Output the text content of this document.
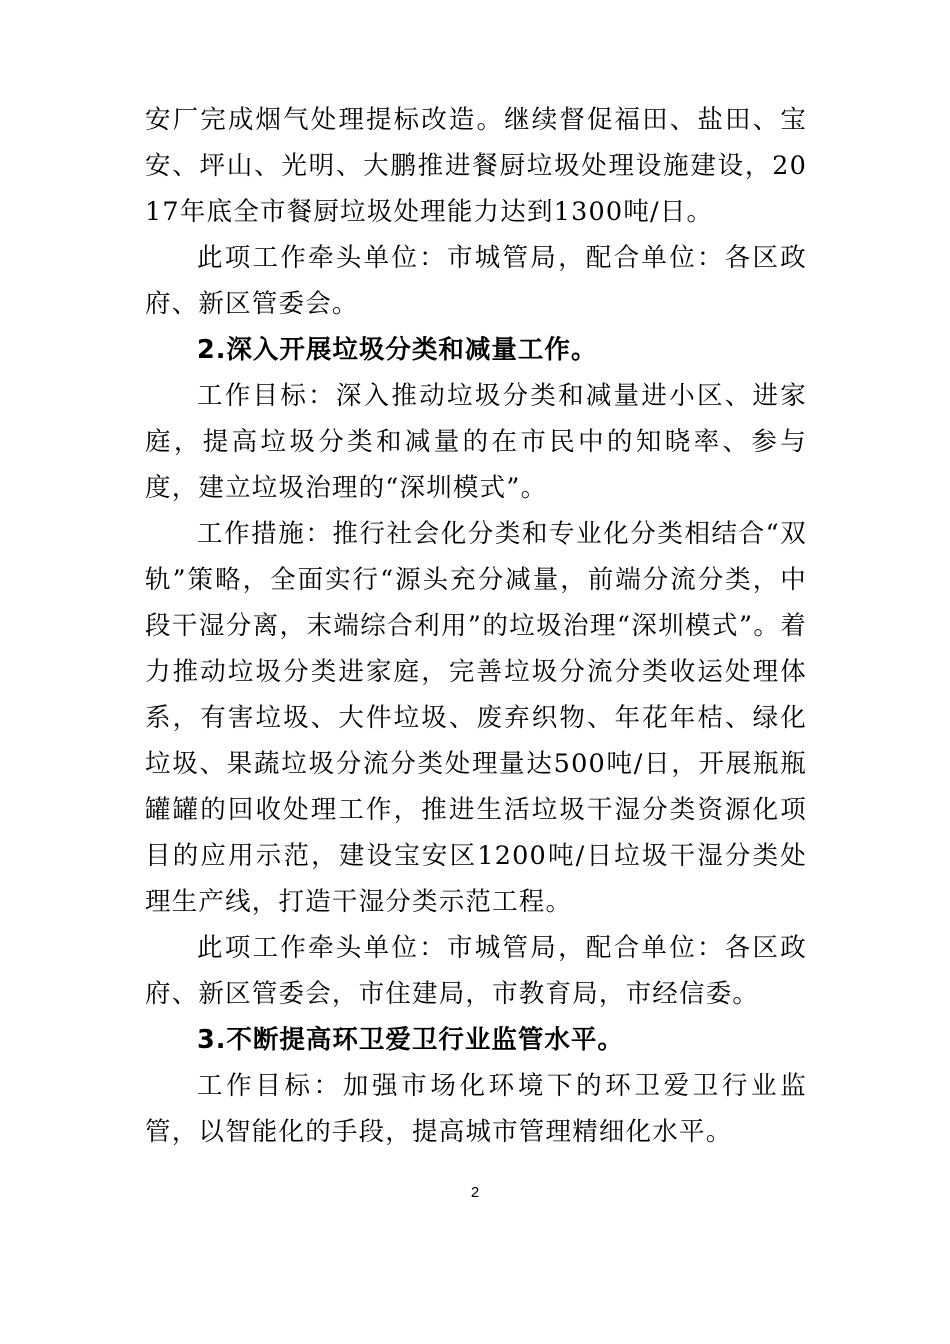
安厂完成烟气处理提标改造。继续督促福田、盐田、宝安、坪山、光明、大鹏推进餐厨垃圾处理设施建设，2017年底全市餐厨垃圾处理能力达到1300吨/日。

此项工作牵头单位：市城管局，配合单位：各区政府、新区管委会。

2.深入开展垃圾分类和减量工作。

工作目标：深入推动垃圾分类和减量进小区、进家庭，提高垃圾分类和减量的在市民中的知晓率、参与度，建立垃圾治理的“深圳模式”。

工作措施：推行社会化分类和专业化分类相结合“双轨”策略，全面实行“源头充分减量，前端分流分类，中段干湿分离，末端综合利用”的垃圾治理“深圳模式”。着力推动垃圾分类进家庭，完善垃圾分流分类收运处理体系，有害垃圾、大件垃圾、废弃织物、年花年桔、绿化垃圾、果蔬垃圾分流分类处理量达500吨/日，开展瓶瓶罐罐的回收处理工作，推进生活垃圾干湿分类资源化项目的应用示范，建设宝安区1200吨/日垃圾干湿分类处理生产线，打造干湿分类示范工程。

此项工作牵头单位：市城管局，配合单位：各区政府、新区管委会，市住建局，市教育局，市经信委。

3.不断提高环卫爱卫行业监管水平。

工作目标：加强市场化环境下的环卫爱卫行业监管，以智能化的手段，提高城市管理精细化水平。

2
